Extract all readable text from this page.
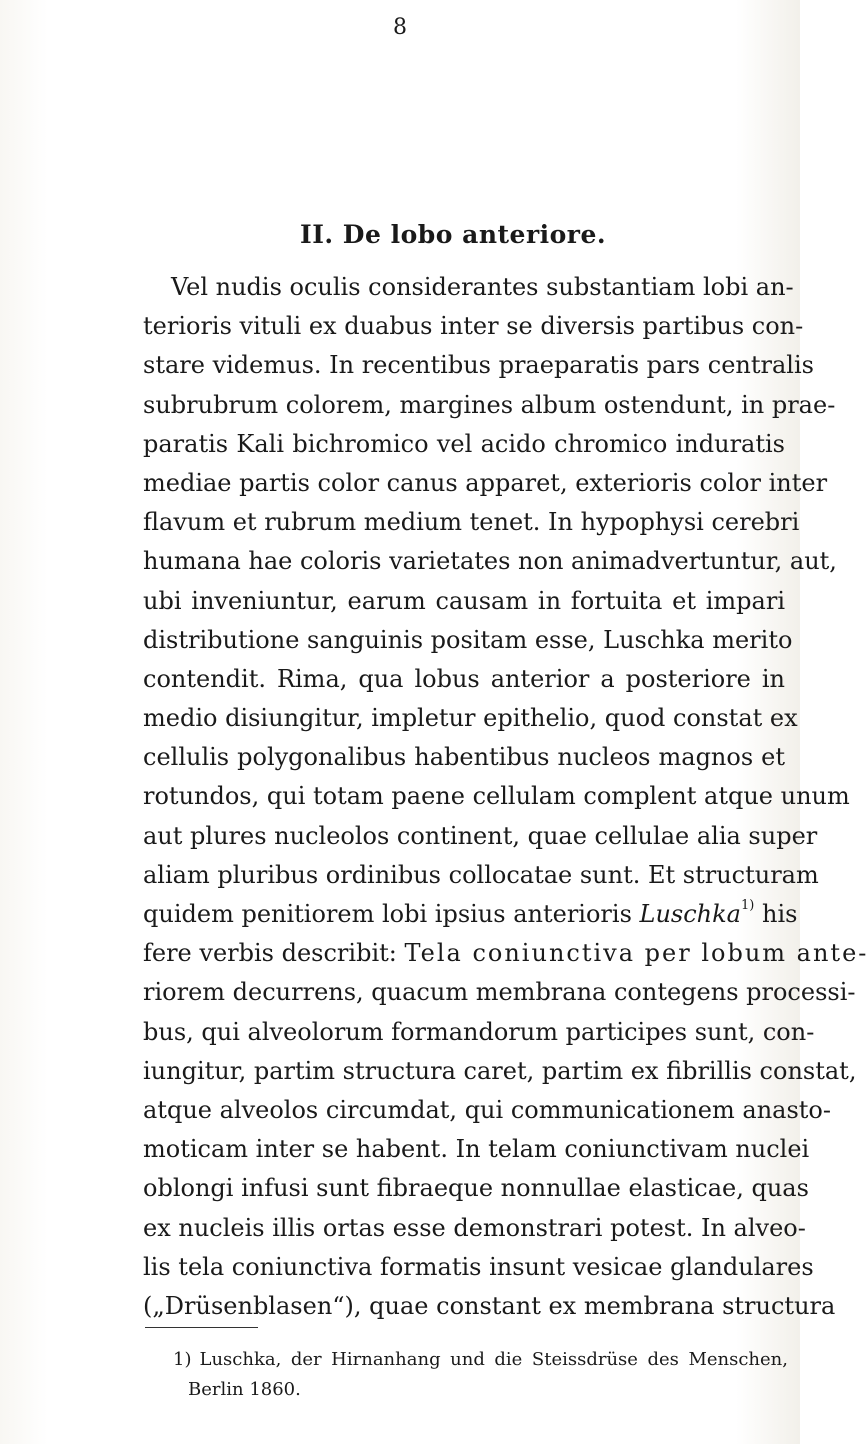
8
II. De lobo anteriore.
Vel nudis oculis considerantes substantiam lobi an-
terioris vituli ex duabus inter se diversis partibus con-
stare videmus. In recentibus praeparatis pars centralis
subrubrum colorem, margines album ostendunt, in prae-
paratis Kali bichromico vel acido chromico induratis
mediae partis color canus apparet, exterioris color inter
flavum et rubrum medium tenet. In hypophysi cerebri
humana hae coloris varietates non animadvertuntur, aut,
ubi inveniuntur, earum causam in fortuita et impari
distributione sanguinis positam esse, Luschka merito
contendit. Rima, qua lobus anterior a posteriore in
medio disiungitur, impletur epithelio, quod constat ex
cellulis polygonalibus habentibus nucleos magnos et
rotundos, qui totam paene cellulam complent atque unum
aut plures nucleolos continent, quae cellulae alia super
aliam pluribus ordinibus collocatae sunt. Et structuram
quidem penitiorem lobi ipsius anterioris Luschka$^{1)}$ his
fere verbis describit: Tela coniunctiva per lobum ante-
riorem decurrens, quacum membrana contegens processi-
bus, qui alveolorum formandorum participes sunt, con-
iungitur, partim structura caret, partim ex fibrillis constat,
atque alveolos circumdat, qui communicationem anasto-
moticam inter se habent. In telam coniunctivam nuclei
oblongi infusi sunt fibraeque nonnullae elasticae, quas
ex nucleis illis ortas esse demonstrari potest. In alveo-
lis tela coniunctiva formatis insunt vesicae glandulares
(„Drüsenblasen“), quae constant ex membrana structura
1) Luschka, der Hirnanhang und die Steissdrüse des Menschen,
Berlin 1860.
